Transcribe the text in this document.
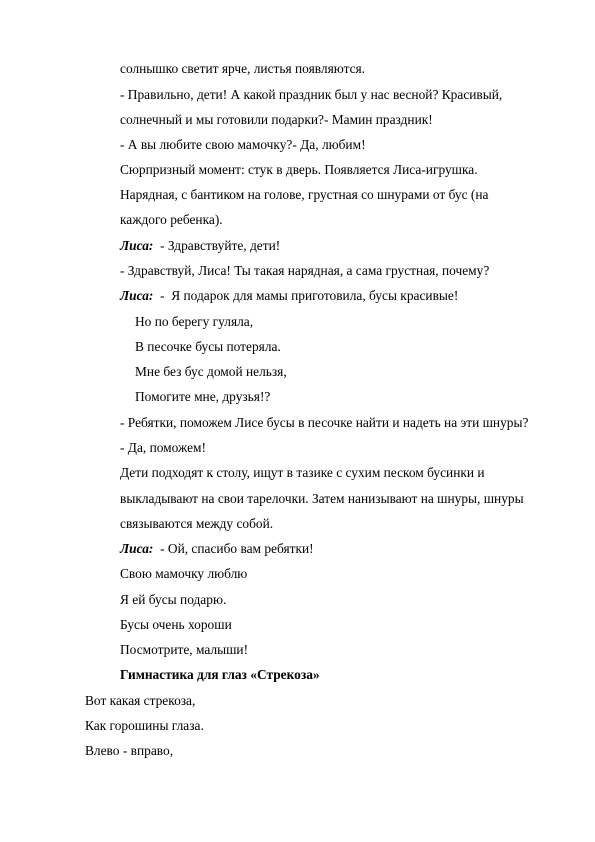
солнышко светит ярче, листья появляются.
- Правильно, дети! А какой праздник был у нас весной? Красивый,
солнечный и мы готовили подарки?- Мамин праздник!
- А вы любите свою мамочку?- Да, любим!
Сюрпризный момент: стук в дверь. Появляется Лиса-игрушка.
Нарядная, с бантиком на голове, грустная со шнурами от бус (на
каждого ребенка).
Лиса:  - Здравствуйте, дети!
- Здравствуй, Лиса! Ты такая нарядная, а сама грустная, почему?
Лиса:  -  Я подарок для мамы приготовила, бусы красивые!
Но по берегу гуляла,
В песочке бусы потеряла.
Мне без бус домой нельзя,
Помогите мне, друзья!?
- Ребятки, поможем Лисе бусы в песочке найти и надеть на эти шнуры?
- Да, поможем!
Дети подходят к столу, ищут в тазике с сухим песком бусинки и
выкладывают на свои тарелочки. Затем нанизывают на шнуры, шнуры
связываются между собой.
Лиса:  - Ой, спасибо вам ребятки!
Свою мамочку люблю
Я ей бусы подарю.
Бусы очень хороши
Посмотрите, малыши!
Гимнастика для глаз «Стрекоза»
Вот какая стрекоза,
Как горошины глаза.
Влево - вправо,
